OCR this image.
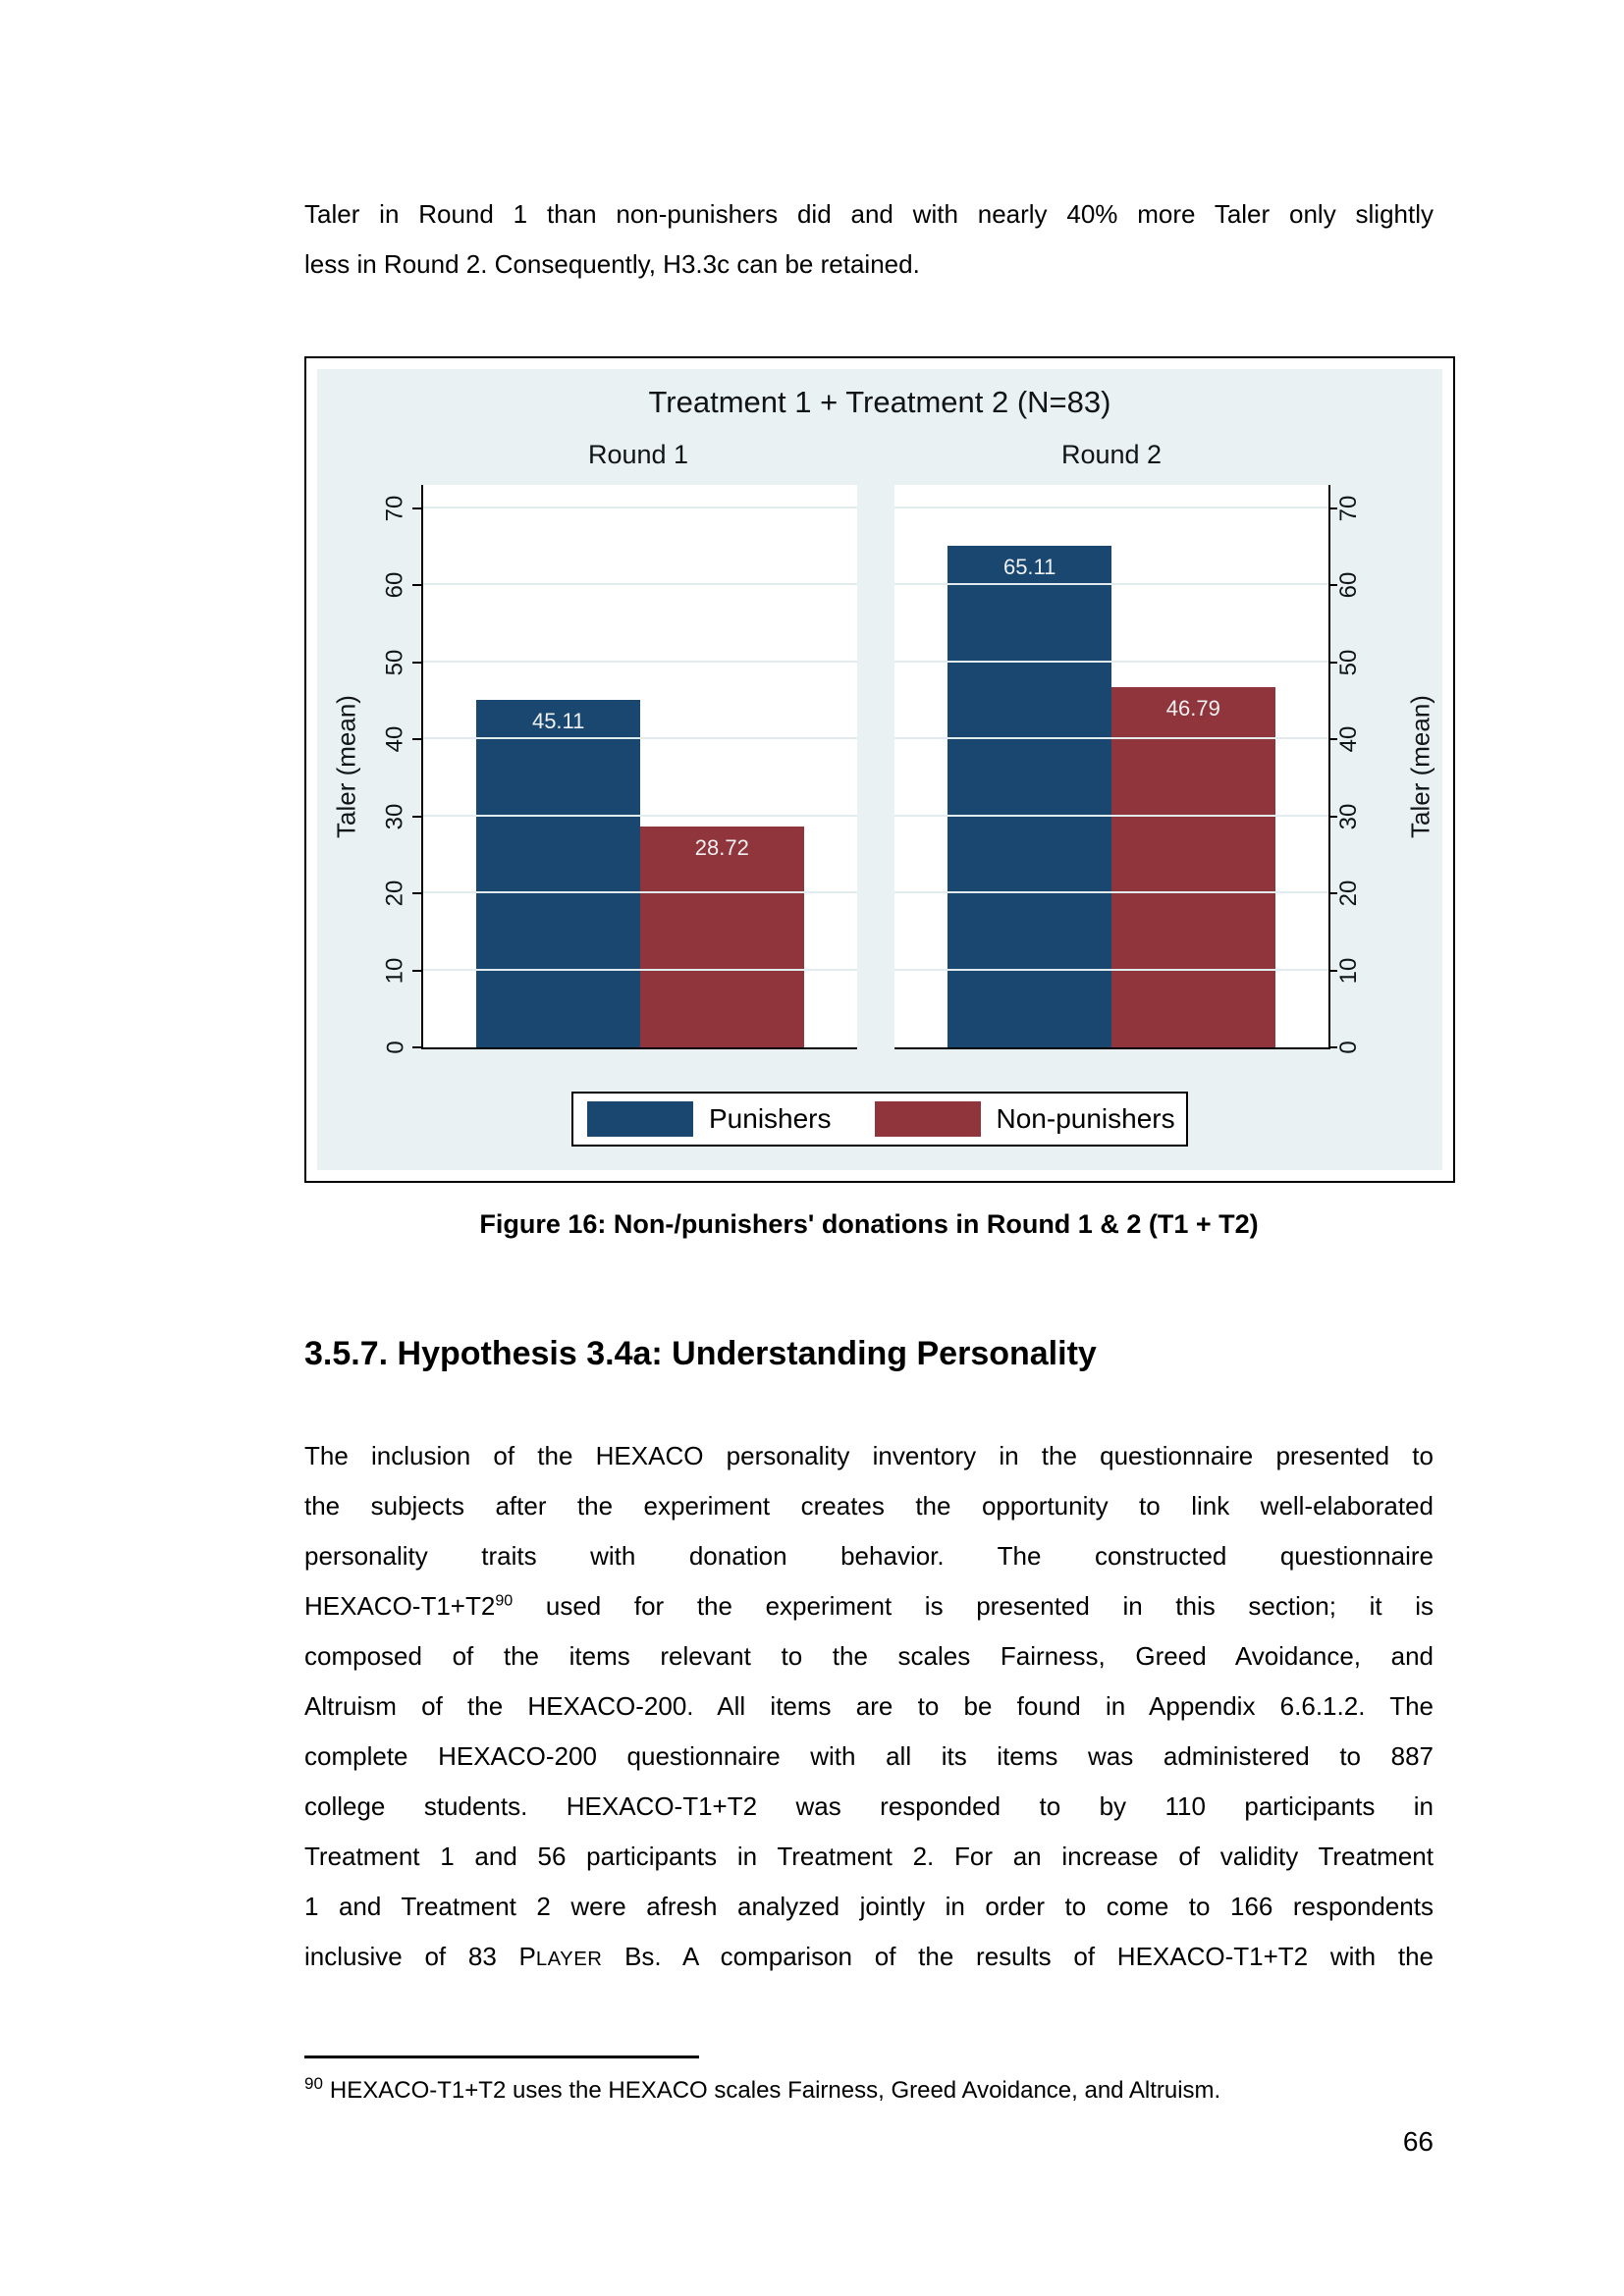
Taler in Round 1 than non-punishers did and with nearly 40% more Taler only slightly
less in Round 2. Consequently, H3.3c can be retained.
Treatment 1 + Treatment 2 (N=83)
Round 1	Round 2
Taler (mean)
0
10
20
30
40
50
60
70
45.11
28.72
65.11
46.79	Taler (mean)
0
10
20
30
40
50
60
70
Punishers	Non-punishers
Figure 16: Non-/punishers' donations in Round 1 & 2 (T1 + T2)
3.5.7. Hypothesis 3.4a: Understanding Personality
The inclusion of the HEXACO personality inventory in the questionnaire presented to
the subjects after the experiment creates the opportunity to link well-elaborated
personality traits with donation behavior. The constructed questionnaire
HEXACO-$T1+T2^{90}$ used for the experiment is presented in this section; it is
composed of the items relevant to the scales Fairness, Greed Avoidance, and
Altruism of the HEXACO-200. All items are to be found in Appendix 6.6.1.2. The
complete HEXACO-200 questionnaire with all its items was administered to 887
college students. HEXACO-T1+T2 was responded to by 110 participants in
Treatment 1 and 56 participants in Treatment 2. For an increase of validity Treatment
1 and Treatment 2 were afresh analyzed jointly in order to come to 166 respondents
inclusive of 83 PLAYER Bs. A comparison of the results of HEXACO-T1+T2 with the
$^{90}$ HEXACO-T1+T2 uses the HEXACO scales Fairness, Greed Avoidance, and Altruism.
66
